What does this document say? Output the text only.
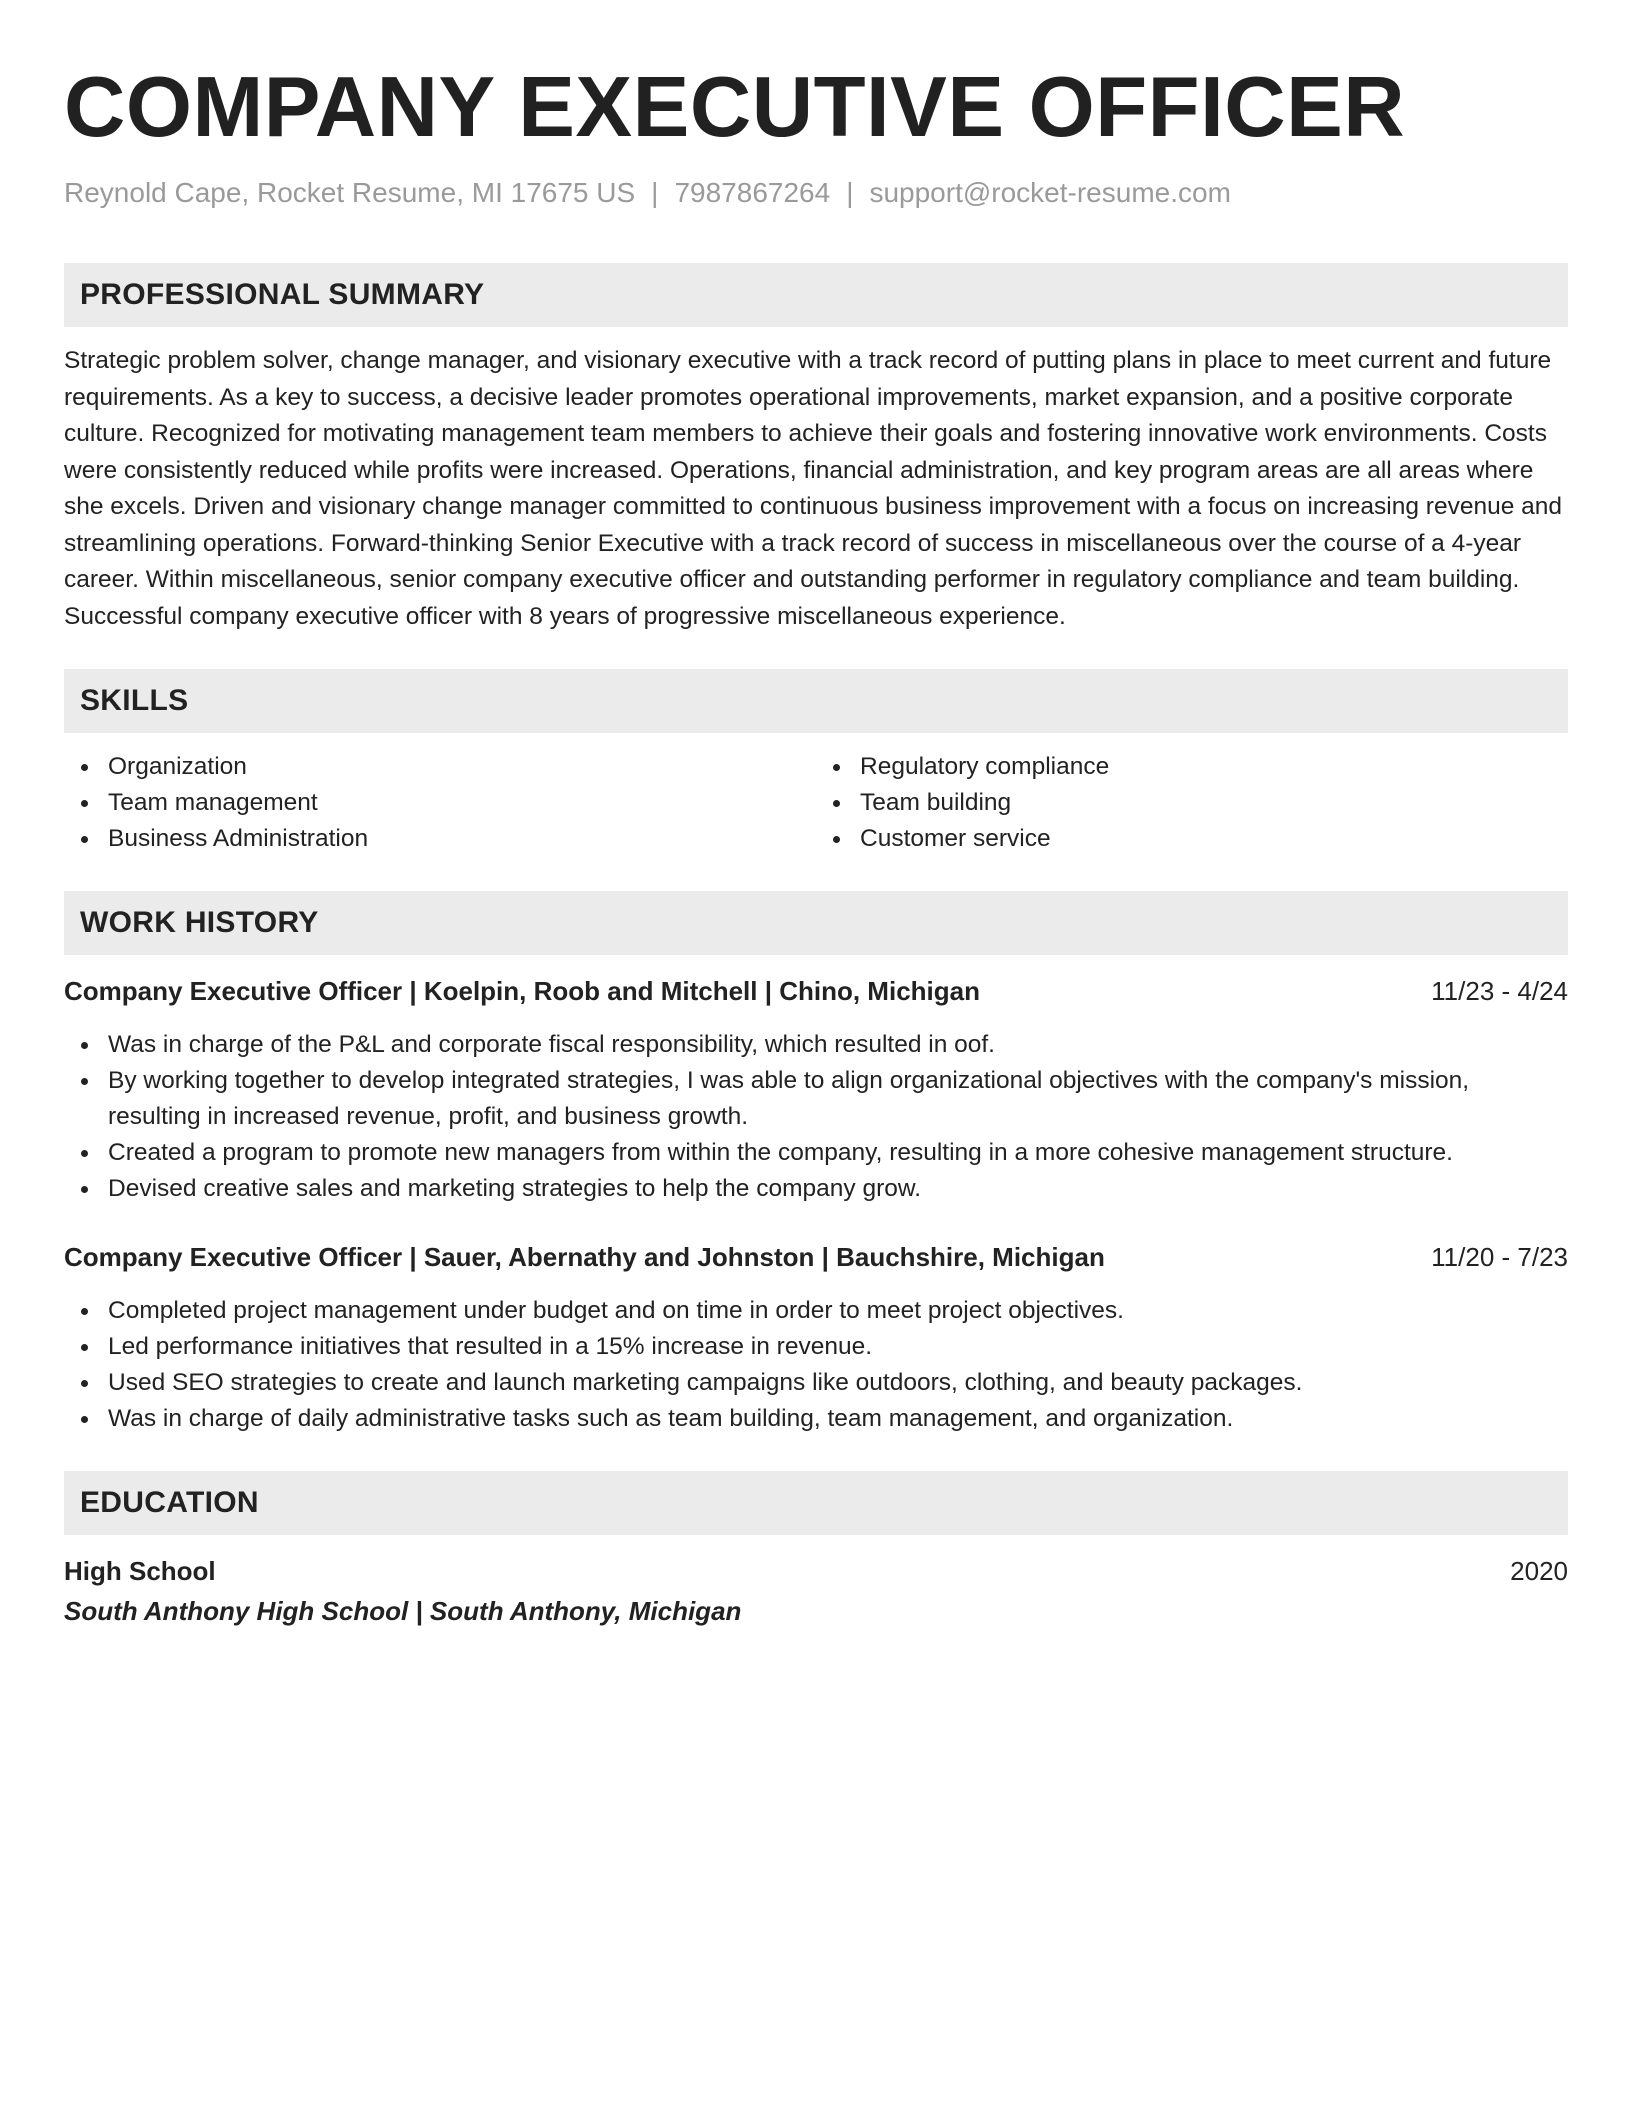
COMPANY EXECUTIVE OFFICER
Reynold Cape, Rocket Resume, MI 17675 US | 7987867264 | support@rocket-resume.com
PROFESSIONAL SUMMARY
Strategic problem solver, change manager, and visionary executive with a track record of putting plans in place to meet current and future requirements. As a key to success, a decisive leader promotes operational improvements, market expansion, and a positive corporate culture. Recognized for motivating management team members to achieve their goals and fostering innovative work environments. Costs were consistently reduced while profits were increased. Operations, financial administration, and key program areas are all areas where she excels. Driven and visionary change manager committed to continuous business improvement with a focus on increasing revenue and streamlining operations. Forward-thinking Senior Executive with a track record of success in miscellaneous over the course of a 4-year career. Within miscellaneous, senior company executive officer and outstanding performer in regulatory compliance and team building. Successful company executive officer with 8 years of progressive miscellaneous experience.
SKILLS
Organization
Team management
Business Administration
Regulatory compliance
Team building
Customer service
WORK HISTORY
Company Executive Officer | Koelpin, Roob and Mitchell | Chino, Michigan	11/23 - 4/24
Was in charge of the P&L and corporate fiscal responsibility, which resulted in oof.
By working together to develop integrated strategies, I was able to align organizational objectives with the company's mission, resulting in increased revenue, profit, and business growth.
Created a program to promote new managers from within the company, resulting in a more cohesive management structure.
Devised creative sales and marketing strategies to help the company grow.
Company Executive Officer | Sauer, Abernathy and Johnston | Bauchshire, Michigan	11/20 - 7/23
Completed project management under budget and on time in order to meet project objectives.
Led performance initiatives that resulted in a 15% increase in revenue.
Used SEO strategies to create and launch marketing campaigns like outdoors, clothing, and beauty packages.
Was in charge of daily administrative tasks such as team building, team management, and organization.
EDUCATION
High School	2020
South Anthony High School | South Anthony, Michigan
